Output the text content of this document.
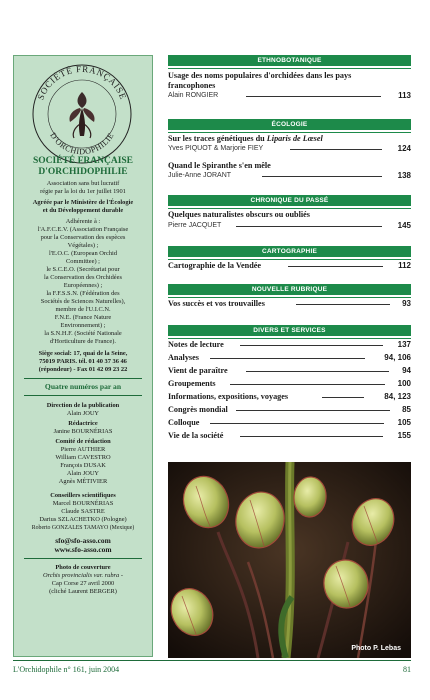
SOCIÉTÉ FRANÇAISE
D'ORCHIDOPHILIE
SOCIÉTÉ FRANÇAISE D'ORCHIDOPHILIE
Association sans but lucratif
régie par la loi du 1er juillet 1901
Agréée par le Ministère de l'Écologie
et du Développement durable
Adhérente à :
l'A.F.C.E.V. (Association Française
pour la Conservation des espèces
Végétales) ;
l'E.O.C. (European Orchid
Committee) ;
le S.C.E.O. (Secrétariat pour
la Conservation des Orchidées
Européennes) ;
la F.F.S.S.N. (Fédération des
Sociétés de Sciences Naturelles),
membre de l'U.I.C.N.
F.N.E. (France Nature
Environnement) ;
la S.N.H.F. (Société Nationale
d'Horticulture de France).
Siège social: 17, quai de la Seine,
75019 PARIS. tél. 01 40 37 36 46
(répondeur) - Fax 01 42 09 23 22
Quatre numéros par an
Direction de la publication
Alain JOUY
Rédactrice
Janine BOURNÉRIAS
Comité de rédaction
Pierre AUTHIER
William CAVESTRO
François DUSAK
Alain JOUY
Agnès MÉTIVIER
Conseillers scientifiques
Marcel BOURNÉRIAS
Claude SASTRE
Darius SZLACHETKO (Pologne)
Roberto GONZALES TAMAYO (Mexique)
sfo@sfo-asso.com
www.sfo-asso.com
Photo de couverture
Orchis provincialis var. rubra -
Cap Corse 27 avril 2000
(cliché Laurent BERGER)
ETHNOBOTANIQUE
Usage des noms populaires d'orchidées dans les pays
francophones
Alain RONGIER	113
ÉCOLOGIE
Sur les traces génétiques du Liparis de Lœsel
Yves PIQUOT & Marjorie FIEY	124
Quand le Spiranthe s'en mêle
Julie-Anne JORANT	138
CHRONIQUE DU PASSÉ
Quelques naturalistes obscurs ou oubliés
Pierre JACQUET	145
CARTOGRAPHIE
Cartographie de la Vendée	112
NOUVELLE RUBRIQUE
Vos succès et vos trouvailles	93
DIVERS ET SERVICES
Notes de lecture	137
Analyses	94, 106
Vient de paraître	94
Groupements	100
Informations, expositions, voyages	84, 123
Congrès mondial	85
Colloque	105
Vie de la société	155
Photo P. Lebas
L'Orchidophile n° 161, juin 2004	81
